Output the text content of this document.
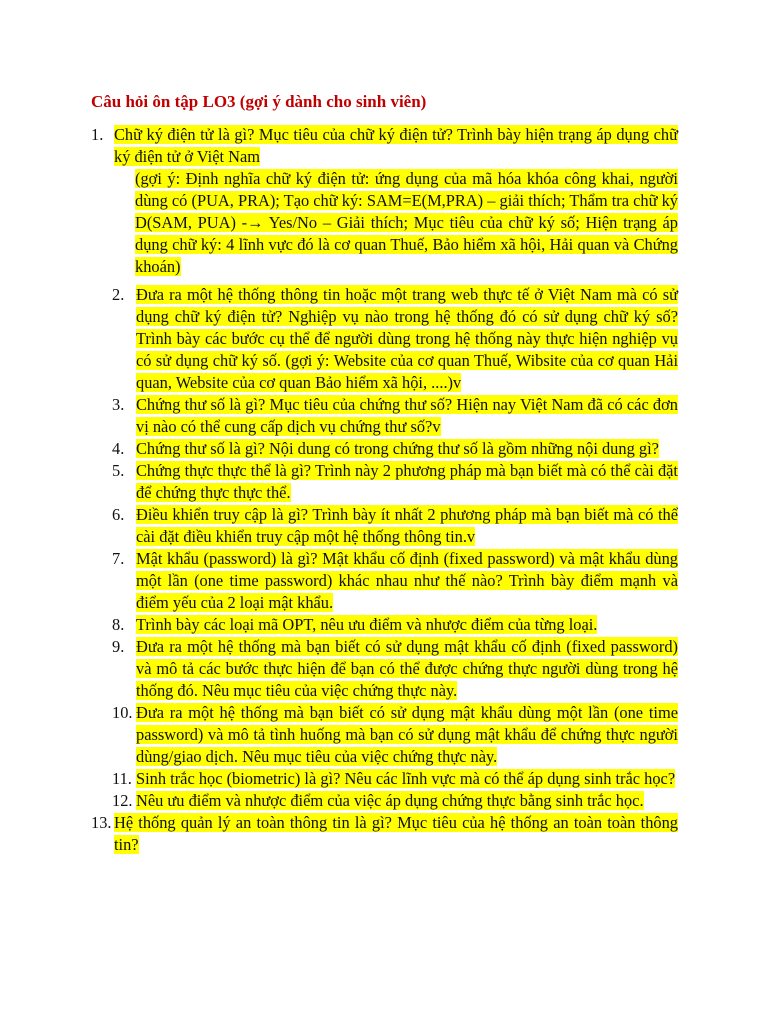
Câu hỏi ôn tập LO3 (gợi ý dành cho sinh viên)
1. Chữ ký điện tử là gì? Mục tiêu của chữ ký điện tử? Trình bày hiện trạng áp dụng chữ ký điện tử ở Việt Nam
(gợi ý: Định nghĩa chữ ký điện tử: ứng dụng của mã hóa khóa công khai, người dùng có (PUA, PRA); Tạo chữ ký: SAM=E(M,PRA) – giải thích; Thẩm tra chữ ký D(SAM, PUA) -→ Yes/No – Giải thích; Mục tiêu của chữ ký số; Hiện trạng áp dụng chữ ký: 4 lĩnh vực đó là cơ quan Thuế, Bảo hiểm xã hội, Hải quan và Chứng khoán)
2. Đưa ra một hệ thống thông tin hoặc một trang web thực tế ở Việt Nam mà có sử dụng chữ ký điện tử? Nghiệp vụ nào trong hệ thống đó có sử dụng chữ ký số? Trình bày các bước cụ thể để người dùng trong hệ thống này thực hiện nghiệp vụ có sử dụng chữ ký số. (gợi ý: Website của cơ quan Thuế, Wibsite của cơ quan Hải quan, Website của cơ quan Bảo hiểm xã hội, ....)v
3. Chứng thư số là gì? Mục tiêu của chứng thư số? Hiện nay Việt Nam đã có các đơn vị nào có thể cung cấp dịch vụ chứng thư số?v
4. Chứng thư số là gì? Nội dung có trong chứng thư số là gồm những nội dung gì?
5. Chứng thực thực thể là gì? Trình này 2 phương pháp mà bạn biết mà có thể cài đặt để chứng thực thực thể.
6. Điều khiển truy cập là gì? Trình bày ít nhất 2 phương pháp mà bạn biết mà có thể cài đặt điều khiển truy cập một hệ thống thông tin.v
7. Mật khẩu (password) là gì? Mật khẩu cố định (fixed password) và mật khẩu dùng một lần (one time password) khác nhau như thế nào? Trình bày điểm mạnh và điểm yếu của 2 loại mật khẩu.
8. Trình bày các loại mã OPT, nêu ưu điểm và nhược điểm của từng loại.
9. Đưa ra một hệ thống mà bạn biết có sử dụng mật khẩu cố định (fixed password) và mô tả các bước thực hiện để bạn có thể được chứng thực người dùng trong hệ thống đó. Nêu mục tiêu của việc chứng thực này.
10. Đưa ra một hệ thống mà bạn biết có sử dụng mật khẩu dùng một lần (one time password) và mô tả tình huống mà bạn có sử dụng mật khẩu để chứng thực người dùng/giao dịch. Nêu mục tiêu của việc chứng thực này.
11. Sinh trắc học (biometric) là gì? Nêu các lĩnh vực mà có thể áp dụng sinh trắc học?
12. Nêu ưu điểm và nhược điểm của việc áp dụng chứng thực bằng sinh trắc học.
13. Hệ thống quản lý an toàn thông tin là gì? Mục tiêu của hệ thống an toàn toàn thông tin?
